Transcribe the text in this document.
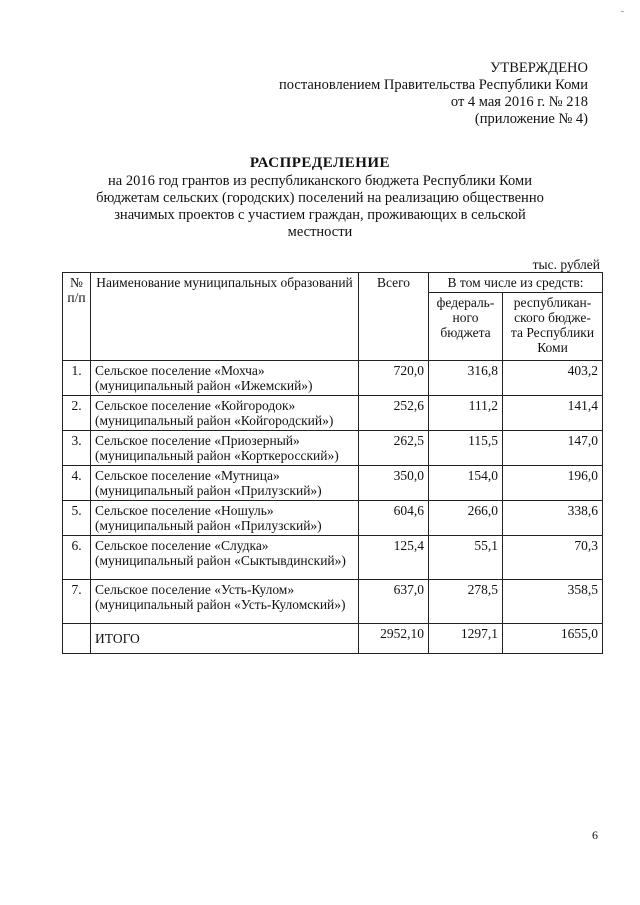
-
УТВЕРЖДЕНО
постановлением Правительства Республики Коми
от 4 мая 2016 г. № 218
(приложение № 4)
РАСПРЕДЕЛЕНИЕ
на 2016 год грантов из республиканского бюджета Республики Коми
бюджетам сельских (городских) поселений на реализацию общественно
значимых проектов с участием граждан, проживающих в сельской
местности
тыс. рублей
№ п/п	Наименование муниципальных образований	Всего	В том числе из средств:	
			федераль- ного бюджета	республикан- ского бюдже- та Республики Коми
1.	Сельское поселение «Мохча» (муниципальный район «Ижемский»)	720,0	316,8	403,2
2.	Сельское поселение «Койгородок» (муниципальный район «Койгородский»)	252,6	111,2	141,4
3.	Сельское поселение «Приозерный» (муниципальный район «Корткеросский»)	262,5	115,5	147,0
4.	Сельское поселение «Мутница» (муниципальный район «Прилузский»)	350,0	154,0	196,0
5.	Сельское поселение «Ношуль» (муниципальный район «Прилузский»)	604,6	266,0	338,6
6.	Сельское поселение «Слудка» (муниципальный район «Сыктывдинский»)	125,4	55,1	70,3
7.	Сельское поселение «Усть-Кулом» (муниципальный район «Усть-Куломский»)	637,0	278,5	358,5
	ИТОГО	2952,10	1297,1	1655,0
6
